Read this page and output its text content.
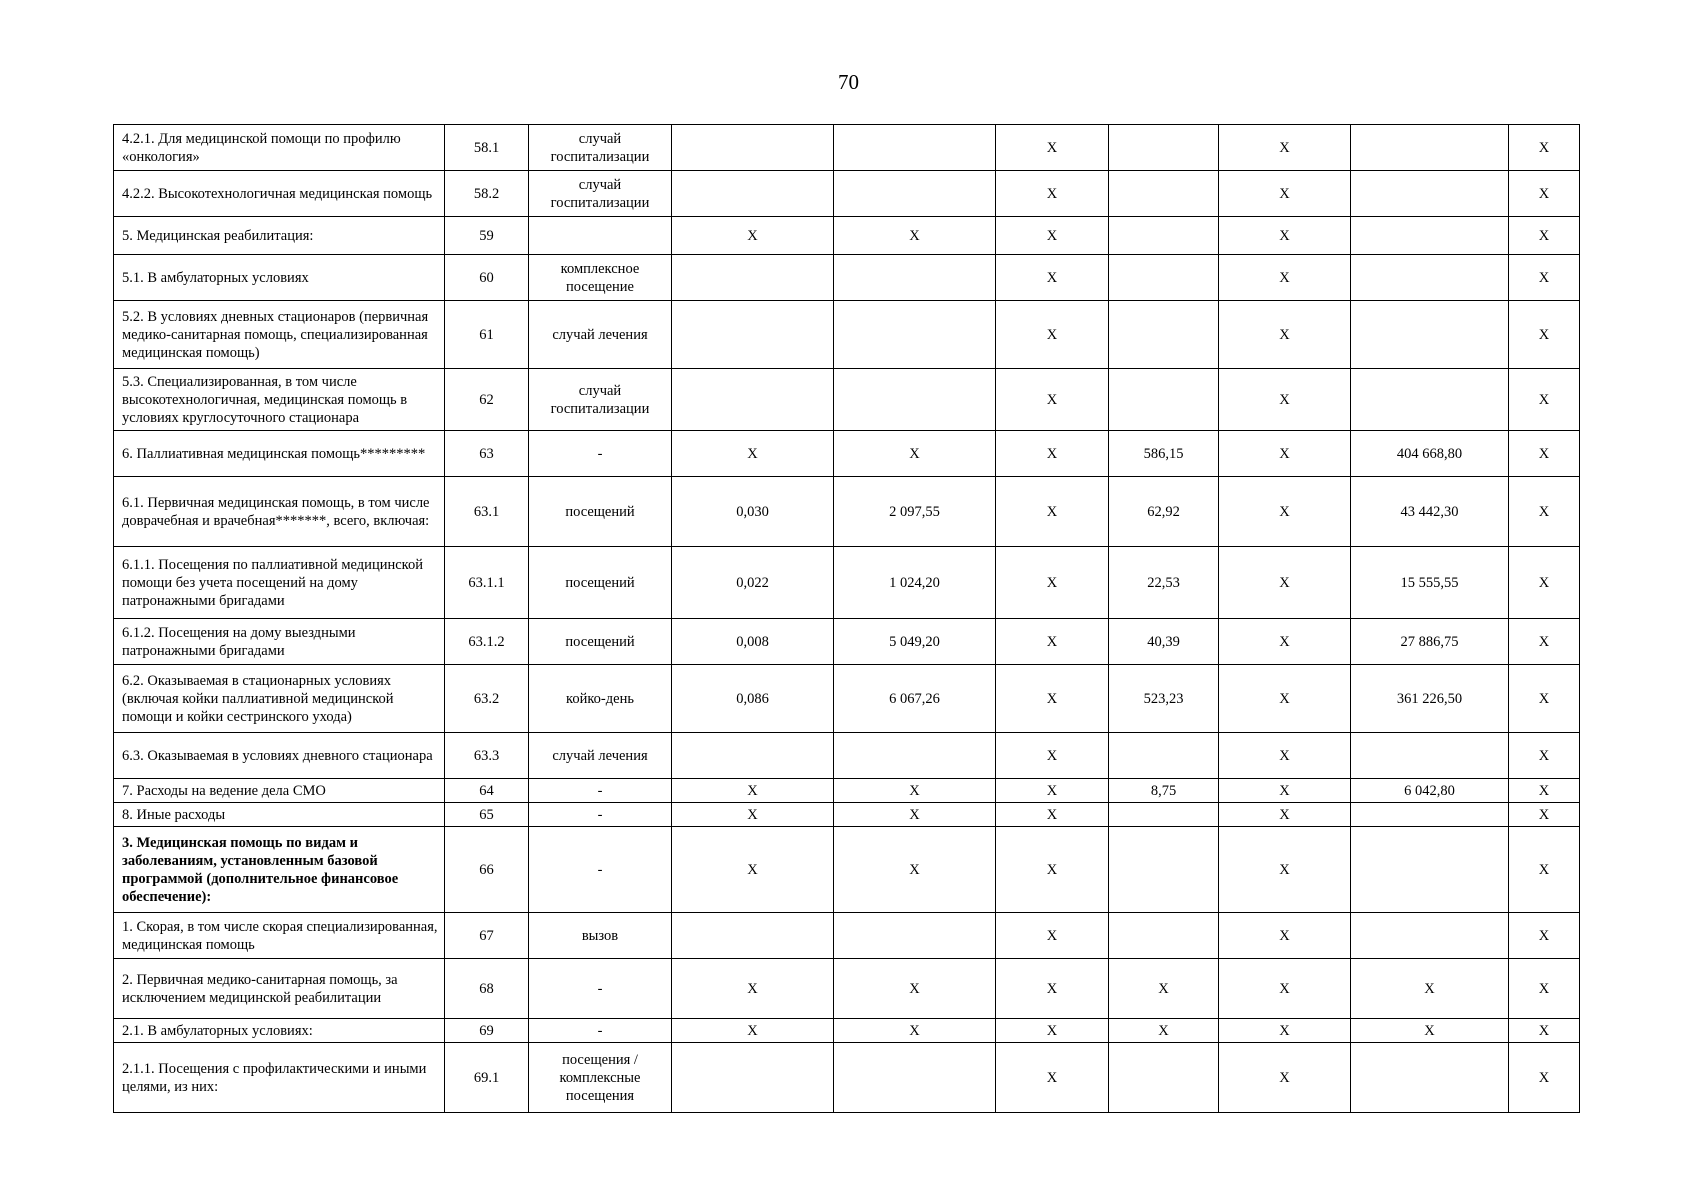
70
4.2.1. Для медицинской помощи по профилю «онкология»	58.1	случай госпитализации			X		X		X
4.2.2. Высокотехнологичная медицинская помощь	58.2	случай госпитализации			X		X		X
5. Медицинская реабилитация:	59		X	X	X		X		X
5.1. В амбулаторных условиях	60	комплексное посещение			X		X		X
5.2. В условиях дневных стационаров (первичная медико-санитарная помощь, специализированная медицинская помощь)	61	случай лечения			X		X		X
5.3. Специализированная, в том числе высокотехнологичная, медицинская помощь в условиях круглосуточного стационара	62	случай госпитализации			X		X		X
6. Паллиативная медицинская помощь*********	63	-	X	X	X	586,15	X	404 668,80	X
6.1. Первичная медицинская помощь, в том числе доврачебная и врачебная*******, всего, включая:	63.1	посещений	0,030	2 097,55	X	62,92	X	43 442,30	X
6.1.1. Посещения по паллиативной медицинской помощи без учета посещений на дому патронажными бригадами	63.1.1	посещений	0,022	1 024,20	X	22,53	X	15 555,55	X
6.1.2. Посещения на дому выездными патронажными бригадами	63.1.2	посещений	0,008	5 049,20	X	40,39	X	27 886,75	X
6.2. Оказываемая в стационарных условиях (включая койки паллиативной медицинской помощи и койки сестринского ухода)	63.2	койко-день	0,086	6 067,26	X	523,23	X	361 226,50	X
6.3. Оказываемая в условиях дневного стационара	63.3	случай лечения			X		X		X
7. Расходы на ведение дела СМО	64	-	X	X	X	8,75	X	6 042,80	X
8. Иные расходы	65	-	X	X	X		X		X
3. Медицинская помощь по видам и заболеваниям, установленным базовой программой (дополнительное финансовое обеспечение):	66	-	X	X	X		X		X
1. Скорая, в том числе скорая специализированная, медицинская помощь	67	вызов			X		X		X
2. Первичная медико-санитарная помощь, за исключением медицинской реабилитации	68	-	X	X	X	X	X	X	X
2.1. В амбулаторных условиях:	69	-	X	X	X	X	X	X	X
2.1.1. Посещения с профилактическими и иными целями, из них:	69.1	посещения / комплексные посещения			X		X		X
